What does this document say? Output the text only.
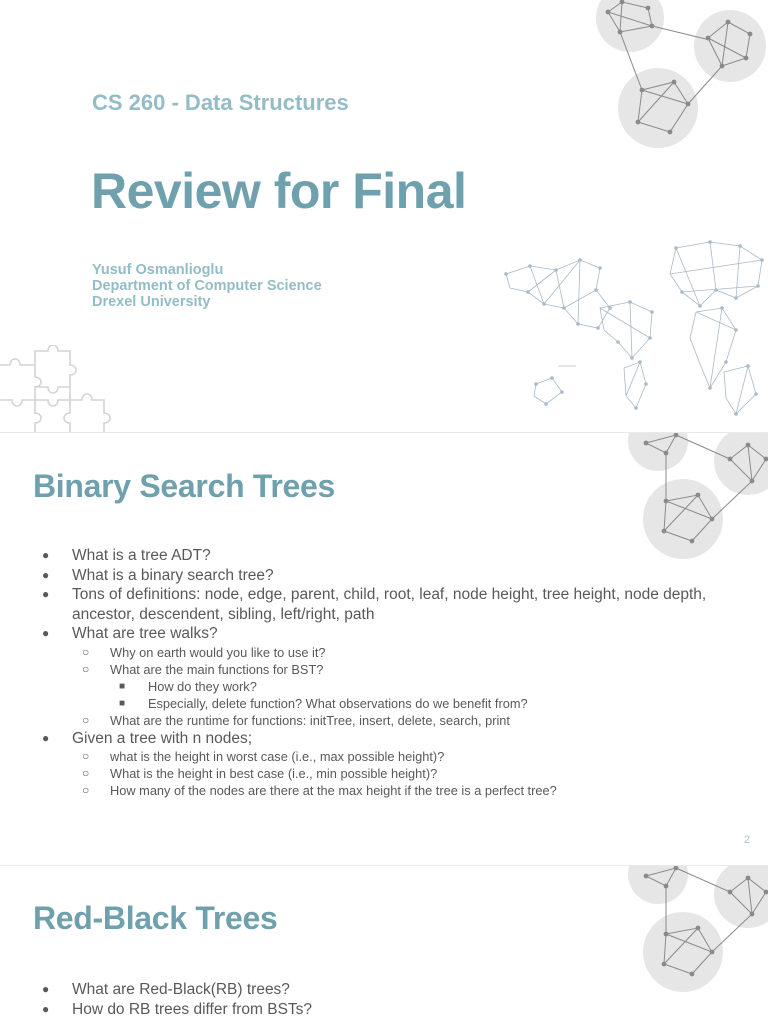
CS 260 - Data Structures
Review for Final
Yusuf Osmanlioglu
Department of Computer Science
Drexel University
Binary Search Trees
● What is a tree ADT?
● What is a binary search tree?
● Tons of definitions: node, edge, parent, child, root, leaf, node height, tree height, node depth, ancestor, descendent, sibling, left/right, path
● What are tree walks?
○ Why on earth would you like to use it?
○ What are the main functions for BST?
■ How do they work?
■ Especially, delete function? What observations do we benefit from?
○ What are the runtime for functions: initTree, insert, delete, search, print
● Given a tree with n nodes;
○ what is the height in worst case (i.e., max possible height)?
○ What is the height in best case (i.e., min possible height)?
○ How many of the nodes are there at the max height if the tree is a perfect tree?
2
Red-Black Trees
● What are Red-Black(RB) trees?
● How do RB trees differ from BSTs?
